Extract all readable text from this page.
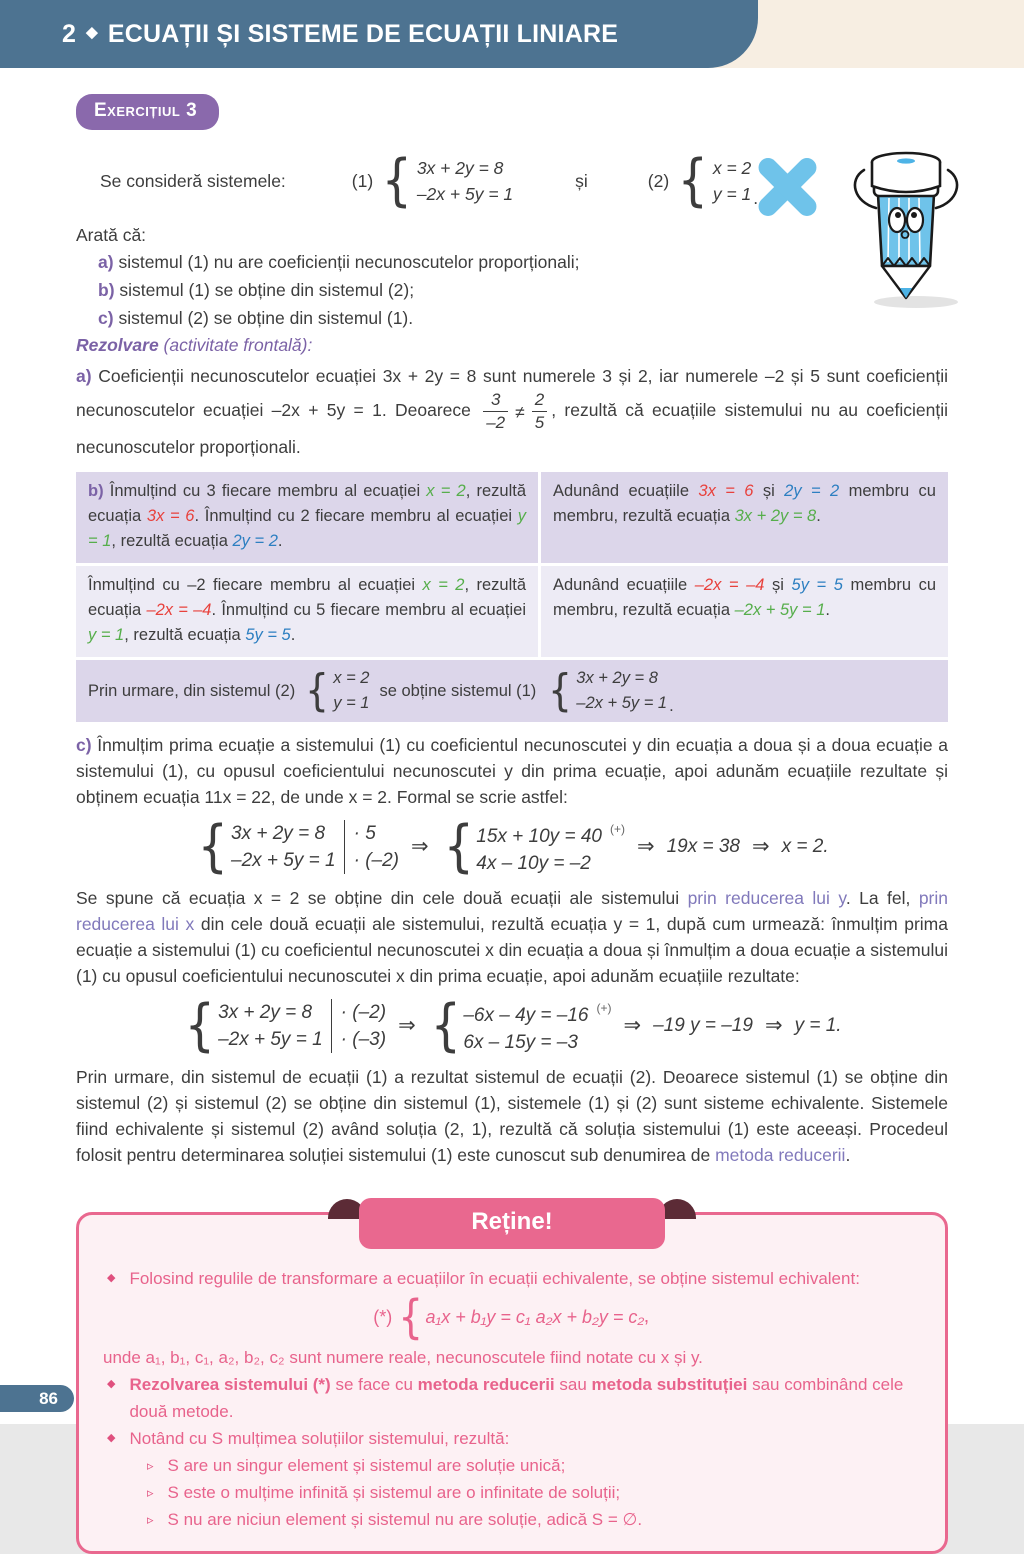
2 ◆ ECUAȚII ȘI SISTEME DE ECUAȚII LINIARE
Exercițiul 3
Se consideră sistemele:	(1) { 3x + 2y = 8
–2x + 5y = 1
și	(2) { x = 2
y = 1 .
Arată că:
a) sistemul (1) nu are coeficienții necunoscutelor proporționali;
b) sistemul (1) se obține din sistemul (2);
c) sistemul (2) se obține din sistemul (1).
Rezolvare (activitate frontală):
a) Coeficienții necunoscutelor ecuației 3x + 2y = 8 sunt numerele 3 și 2, iar numerele –2 și 5 sunt coeficienții necunoscutelor ecuației –2x + 5y = 1. Deoarece $\frac{3}{-2} \ne \frac{2}{5}$ , rezultă că ecuațiile sistemului nu au coeficienții necunoscutelor proporționali.
b) Înmulțind cu 3 fiecare membru al ecuației x = 2, rezultă ecuația 3x = 6. Înmulțind cu 2 fiecare membru al ecuației y = 1, rezultă ecuația 2y = 2.
Adunând ecuațiile 3x = 6 și 2y = 2 membru cu membru, rezultă ecuația 3x + 2y = 8.
Înmulțind cu –2 fiecare membru al ecuației x = 2, rezultă ecuația –2x = –4. Înmulțind cu 5 fiecare membru al ecuației y = 1, rezultă ecuația 5y = 5.
Adunând ecuațiile –2x = –4 și 5y = 5 membru cu membru, rezultă ecuația –2x + 5y = 1.
Prin urmare, din sistemul (2) { x = 2
y = 1
se obține sistemul (1) { 3x + 2y = 8
–2x + 5y = 1 .
c) Înmulțim prima ecuație a sistemului (1) cu coeficientul necunoscutei y din ecuația a doua și a doua ecuație a sistemului (1), cu opusul coeficientului necunoscutei y din prima ecuație, apoi adunăm ecuațiile rezultate și obținem ecuația 11x = 22, de unde x = 2. Formal se scrie astfel:
{ 3x + 2y = 8
–2x + 5y = 1
· 5
· (–2)
⇒ { 15x + 10y = 40 (+)
4x – 10y = –2
⇒ 19x = 38 ⇒ x = 2.
Se spune că ecuația x = 2 se obține din cele două ecuații ale sistemului prin reducerea lui y. La fel, prin reducerea lui x din cele două ecuații ale sistemului, rezultă ecuația y = 1, după cum urmează: înmulțim prima ecuație a sistemului (1) cu coeficientul necunoscutei x din ecuația a doua și înmulțim a doua ecuație a sistemului (1) cu opusul coeficientului necunoscutei x din prima ecuație, apoi adunăm ecuațiile rezultate:
{ 3x + 2y = 8
–2x + 5y = 1
· (–2)
· (–3)
⇒ { –6x – 4y = –16 (+)
6x – 15y = –3
⇒ –19 y = –19 ⇒ y = 1.
Prin urmare, din sistemul de ecuații (1) a rezultat sistemul de ecuații (2). Deoarece sistemul (1) se obține din sistemul (2) și sistemul (2) se obține din sistemul (1), sistemele (1) și (2) sunt sisteme echivalente. Sistemele fiind echivalente și sistemul (2) având soluția (2, 1), rezultă că soluția sistemului (1) este aceeași. Procedeul folosit pentru determinarea soluției sistemului (1) este cunoscut sub denumirea de metoda reducerii.
Reține!
◆ Folosind regulile de transformare a ecuațiilor în ecuații echivalente, se obține sistemul echivalent:
(*) { a₁x + b₁y = c₁ a₂x + b₂y = c₂ ’
unde a₁, b₁, c₁, a₂, b₂, c₂ sunt numere reale, necunoscutele fiind notate cu x și y.
◆ Rezolvarea sistemului (*) se face cu metoda reducerii sau metoda substituției sau combinând cele două metode.
◆ Notând cu S mulțimea soluțiilor sistemului, rezultă:
▹ S are un singur element și sistemul are soluție unică;
▹ S este o mulțime infinită și sistemul are o infinitate de soluții;
▹ S nu are niciun element și sistemul nu are soluție, adică S = ∅.
86
